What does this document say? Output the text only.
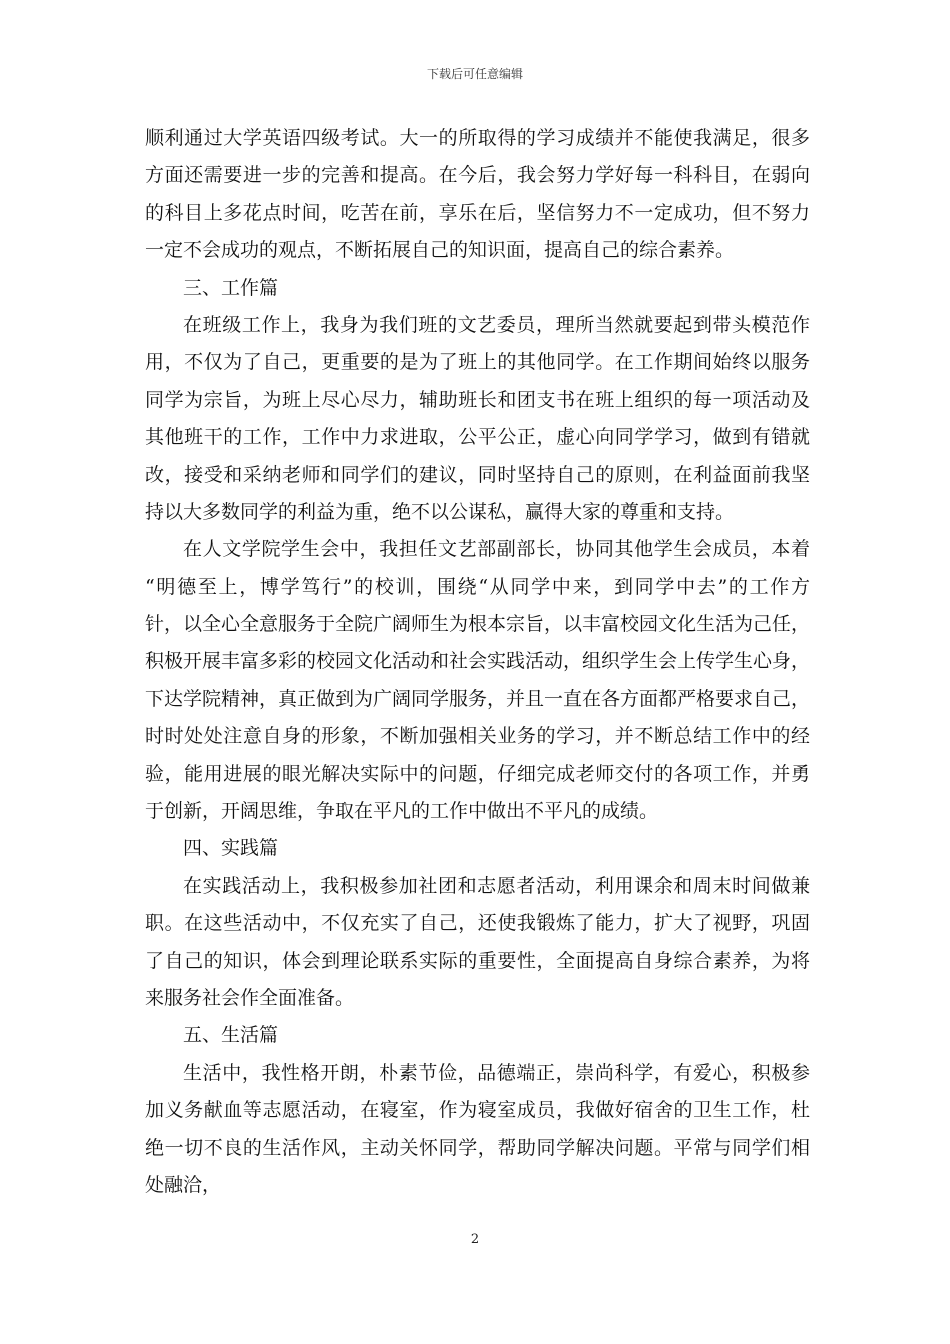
下载后可任意编辑
顺利通过大学英语四级考试。大一的所取得的学习成绩并不能使我满足，很多
方面还需要进一步的完善和提高。在今后，我会努力学好每一科科目，在弱向
的科目上多花点时间，吃苦在前，享乐在后，坚信努力不一定成功，但不努力
一定不会成功的观点，不断拓展自己的知识面，提高自己的综合素养。
三、工作篇
在班级工作上，我身为我们班的文艺委员，理所当然就要起到带头模范作
用，不仅为了自己，更重要的是为了班上的其他同学。在工作期间始终以服务
同学为宗旨，为班上尽心尽力，辅助班长和团支书在班上组织的每一项活动及
其他班干的工作，工作中力求进取，公平公正，虚心向同学学习，做到有错就
改，接受和采纳老师和同学们的建议，同时坚持自己的原则，在利益面前我坚
持以大多数同学的利益为重，绝不以公谋私，赢得大家的尊重和支持。
在人文学院学生会中，我担任文艺部副部长，协同其他学生会成员，本着
“明德至上，博学笃行”的校训，围绕“从同学中来，到同学中去”的工作方
针，以全心全意服务于全院广阔师生为根本宗旨，以丰富校园文化生活为己任，
积极开展丰富多彩的校园文化活动和社会实践活动，组织学生会上传学生心身，
下达学院精神，真正做到为广阔同学服务，并且一直在各方面都严格要求自己，
时时处处注意自身的形象，不断加强相关业务的学习，并不断总结工作中的经
验，能用进展的眼光解决实际中的问题，仔细完成老师交付的各项工作，并勇
于创新，开阔思维，争取在平凡的工作中做出不平凡的成绩。
四、实践篇
在实践活动上，我积极参加社团和志愿者活动，利用课余和周末时间做兼
职。在这些活动中，不仅充实了自己，还使我锻炼了能力，扩大了视野，巩固
了自己的知识，体会到理论联系实际的重要性，全面提高自身综合素养，为将
来服务社会作全面准备。
五、生活篇
生活中，我性格开朗，朴素节俭，品德端正，崇尚科学，有爱心，积极参
加义务献血等志愿活动，在寝室，作为寝室成员，我做好宿舍的卫生工作，杜
绝一切不良的生活作风，主动关怀同学，帮助同学解决问题。平常与同学们相
处融洽，
2
